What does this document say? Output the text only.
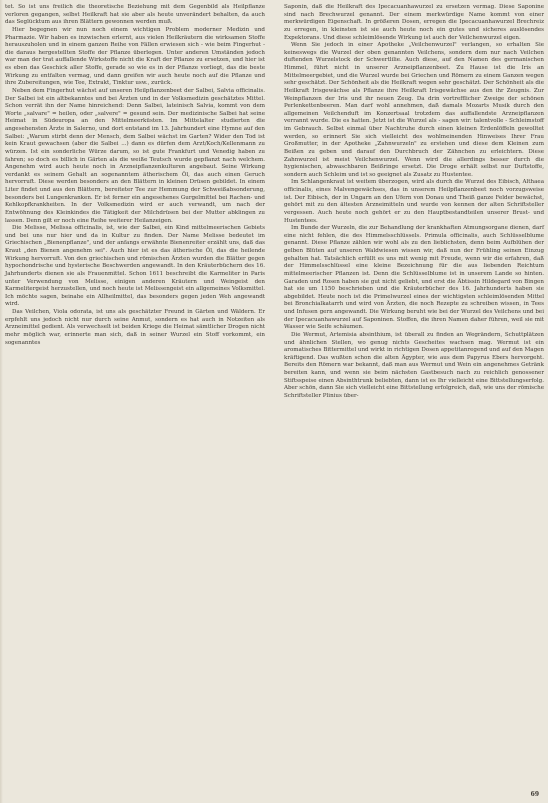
tet. So ist uns freilich die theoretische Beziehung mit dem Gegenbild als Heilpflanze verloren gegangen, selbst Heilkraft hat sie aber als heute unverändert behalten, da auch das Seglücktum aus ihren Blättern gewonnen werden muß.

Hier begegnen wir nun noch einem wichtigen Problem moderner Medizin und Pharmazie. Wir haben es inzwischen erlernt, aus vielen Heilkräutern die wirksamen Stoffe herauszuholen und in einem ganzen Reihe von Fällen erwiesen sich - wie beim Fingerhut - die daraus hergestellten Stoffe der Pflanze überlegen. Unter anderen Umständen jedoch war man der trat auffallende Wirkstoffe nicht die Kraft der Pflanze zu ersetzen, und hier ist es eben das Geschick aller Stoffe, gerade so wie es in der Pflanze vorliegt, das die beste Wirkung zu entfalten vermag, und dann greifen wir auch heute noch auf die Pflanze und ihre Zubereitungen, wie Tee, Extrakt, Tinktur usw., zurück.

Neben dem Fingerhut wächst auf unseren Heilpflanzenbeet der Salbei, Salvia officinalis. Der Salbei ist ein altbekanntes und bei Ärzten und in der Volksmedizin geschätztes Mittel. Schon verrät ihn der Name hinreichend: Denn Salbei, lateinisch Salvia, kommt von dem Worte „salvare" = heilen, oder „salvere" = gesund sein. Der medizinische Salbei hat seine Heimat in Südeuropa an den Mittelmeerküsten. Im Mittelalter studierten die angesehensten Ärzte in Salerno, und dort entstand im 13. Jahrhundert eine Hymne auf den Salbei: „Warum stirbt denn der Mensch, dem Salbei wächst im Garten? Wider den Tod ist kein Kraut gewachsen (aber die Salbei ...) dann es dürfen dem Arzt/Koch/Kellenmann zu würzen. Ist ein sonderliche Würze darum, so ist gute Frankfurt und Venedig haben zu fahren; so doch es billich in Gärten als die weiße Teutsch wurde gepflanzt nach welchem. Angenehm wird auch heute noch in Arzneipflanzenkulturen angebaut. Seine Wirkung verdankt es seinem Gehalt an sogenanntem ätherischem Öl, das auch einen Geruch hervorruft. Diese werden besonders an den Blättern in kleinen Drüsen gebildet. In einem Liter findet und aus den Blättern, bereiteter Tee zur Hemmung der Schweißabsonderung, besonders bei Lungenkranken. Er ist ferner ein angesehenes Gurgelmittel bei Rachen- und Kehlkopfkrankheiten. In der Volksmedizin wird er auch verwandt, um nach der Entwöhnung des Kleinkindes die Tätigkeit der Milchdrüsen bei der Mutter abklingen zu lassen. Denn gilt er noch eine Reihe weiterer Heilanzeigen.

Die Melisse, Melissa officinalis, ist, wie der Salbei, ein Kind mittelmeerischen Gebiets und bei uns nur hier und da in Kultur zu finden. Der Name Melisse bedeutet im Griechischen „Bienenpflanze", und der anfangs erwähnte Bienenreiter erzählt uns, daß das Kraut „den Bienen angenehm sei". Auch hier ist es das ätherische Öl, das die heilende Wirkung hervorruft. Von den griechischen und römischen Ärzten wurden die Blätter gegen hypochondrische und hysterische Beschwerden angewandt. In den Kräuterbüchern des 16. Jahrhunderts dienen sie als Frauenmittel. Schon 1611 beschreibt die Karmeliter in Paris unter Verwendung von Melisse, einigen anderen Kräutern und Weingeist den Karmelitergeist herzustellen, und noch heute ist Melissengeist ein allgemeines Volksmittel. Ich möchte sagen, beinahe ein Allheilmittel, das besonders gegen jeden Weh angewandt wird.

Das Veilchen, Viola odorata, ist uns als geschätzter Freund in Gärten und Wäldern. Er erpfehlt uns jedoch nicht nur durch seine Anmut, sondern es hat auch in Notzeiten als Arzneimittel gedient. Als verwechselt ist beiden Kriege die Heimat sämtlicher Drogen nicht mehr möglich war, erinnerte man sich, daß in seiner Wurzel ein Stoff vorkommt, ein sogenanntes

Saponin, daß die Heilkraft des Ipecacuanhawurzel zu ersetzen vermag. Diese Saponine sind nach Brechwurzel genannt. Der einem merkwürdige Name kommt von einer merkwürdigen Eigenschaft. In größeren Dosen, erregen die Ipecacuanhawurzel Brechreiz zu erregen, in kleinsten ist sie auch heute noch ein gutes und sicheres auslösendes Expektorans. Und diese schleimlösende Wirkung ist auch der Veilchenwurzel eigen.

Wenn Sie jedoch in einer Apotheke „Veilchenwurzel" verlangen, so erhalten Sie keineswegs die Wurzel der oben genannten Veilchens, sondern dem nur nach Veilchen duftenden Wurzelstock der Schwertlilie. Auch diese, auf den Namen des germanischen Himmel, führt nicht in unserer Arzneipflanzenbeet. Zu Hause ist die Iris an Mittelmeergebiet, und die Wurzel wurde bei Griechen und Römern zu einem Ganzen wegen sehr geschätzt. Der Schönheit als die Heilkraft wegen sehr geschätzt. Der Schönheit als die Heilkraft Irisgewächse als Pflanze ihre Heilkraft Irisgewächse aus den ihr Zeugnis. Zur Weinpflanzen der Iris und ihr neuen Zeug. Da drin vortrefflicher Zweige der schönen Perlenkettenbeeren. Man darf wohl annehmen, daß damals Mozarts Musik durch den allgemeinen Veilchenduft im Konzertsaal trotzdem das auffallendste Arzneipflanzen verrannt wurde. Die es hatten. Jetzt ist die Wurzel als - sagen wir: talentvolle - Schleimstoff im Gebrauch. Selbst einmal über Nachtruhe durch einen kleinen Erdenlöffeln gewolltet werden, so erinnert Sie sich vielleicht des wohlmeinenden Hinweises Ihrer Frau Großmutter, in der Apotheke „Zahnwurzeln" zu erstehen und diese dem Kleinen zum Beißen zu geben und darauf den Durchbruch der Zähnchen zu erleichtern. Diese Zahnwurzel ist meist Veilchenwurzel. Wenn wird die allerdings besser durch die hygienischen, abwaschbaren Beißringe ersetzt. Die Droge erhält selbst nur Duftstoffe, sondern auch Schleim und ist so geeignet als Zusatz zu Hustentee.

Im Schlangenkraut ist weitem überzogen, wird als durch die Wurzel des Eibisch, Althaea officinalis, eines Malvengewächses, das in unserem Heilpflanzenbeet noch vorzugsweise ist. Der Eibisch, der in Ungarn an den Ufern von Donau und Theiß ganze Felder bewächst, gehört mit zu den ältesten Arzneimitteln und wurde von kennen der alten Schriftsteller vergessen. Auch heute noch gehört er zu den Hauptbestandteilen unserer Brust- und Hustentees.

Im Bunde der Wurzeln, die zur Behandlung der krankhaften Atmungsorgane dienen, darf eine nicht fehlen, die des Himmelsschlüssels. Primula officinalis, auch Schlüsselblume genannt. Diese Pflanze zählen wir wohl als zu den lieblichsten, denn beim Aufblühen der gelben Blüten auf unseren Waldwiesen wissen wir, daß nun der Frühling seinen Einzug gehalten hat. Tatsächlich erfüllt es uns mit wenig mit Freude, wenn wir die erfahren, daß der Himmelsschlüssel eine kleine Bezeichnung für die aus liebenden Reichtum mittelmeerischer Pflanzen ist. Denn die Schlüsselblume ist in unserem Lande so hinten. Garaden und Rosen haben sie gut nicht geliebt, und erst die Äbtissin Hildegard von Bingen hat sie um 1150 beschrieben und die Kräuterbücher des 16. Jahrhunderts haben sie abgebildet. Heute noch ist die Primelwurzel eines der wichtigsten schleimlösenden Mittel bei Bronchialkatarrh und wird von Ärzten, die noch Rezepte zu schreiben wissen, in Tees und Infusen gern angewandt. Die Wirkung beruht wie bei der Wurzel des Veilchens und bei der Ipecacuanhawurzel auf Saponinen. Stoffen, die ihren Namen daher führen, weil sie mit Wasser wie Seife schäumen.

Die Wermut, Artemisia absinthium, ist überall zu finden an Wegrändern, Schuttplätzen und ähnlichen Stellen, wo genug nichts Gescheites wachsen mag. Wermut ist ein aromatisches Bittermittel und wirkt in richtigen Dosen appetitanregend und auf den Magen kräftigend. Das wußten schon die alten Ägypter, wie aus dem Papyrus Ebers hervorgeht. Bereits den Römern war bekannt, daß man aus Wermut und Wein ein angenehmes Getränk bereiten kann, und wenn sie beim nächsten Gastbesuch nach zu reichlich genossener Stiftsspeise einen Absinthtrunk beliebten, dann ist es Ihr vielleicht eine Bittstellungserfolg. Aber schön, dann Sie sich vielleicht eine Bittstellung erfolgreich, daß, wie uns der römische Schriftsteller Plinius über-

69
